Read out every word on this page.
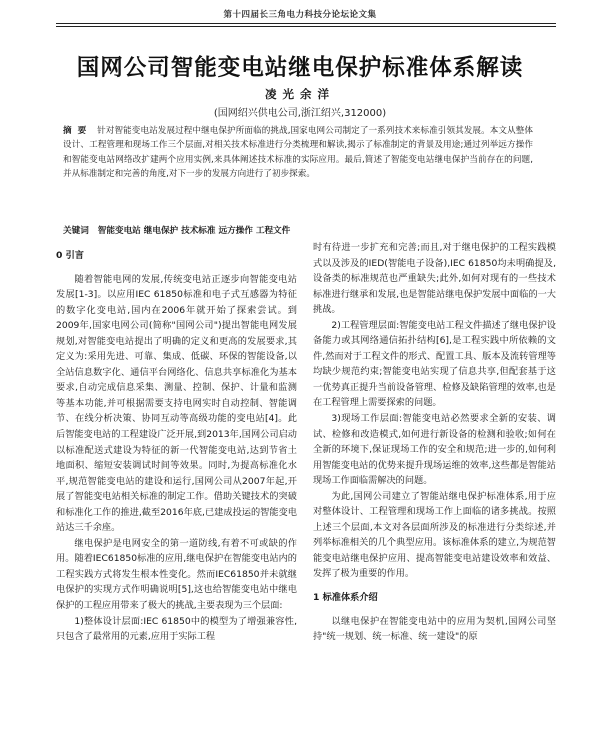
第十四届长三角电力科技分论坛论文集
国网公司智能变电站继电保护标准体系解读
凌光余洋
(国网绍兴供电公司,浙江绍兴,312000)
摘要 针对智能变电站发展过程中继电保护所面临的挑战,国家电网公司制定了一系列技术来标准引领其发展。本文从整体设计、工程管理和现场工作三个层面,对相关技术标准进行分类梳理和解读,揭示了标准制定的背景及用途;通过列举远方操作和智能变电站网络改扩建两个应用实例,来具体阐述技术标准的实际应用。最后,简述了智能变电站继电保护当前存在的问题,并从标准制定和完善的角度,对下一步的发展方向进行了初步探索。
关键词 智能变电站 继电保护 技术标准 远方操作 工程文件
0 引言

随着智能电网的发展,传统变电站正逐步向智能变电站发展[1-3]。以应用IEC 61850标准和电子式互感器为特征的数字化变电站,国内在2006年就开始了探索尝试。到2009年,国家电网公司(简称"国网公司")提出智能电网发展规划,对智能变电站提出了明确的定义和更高的发展要求,其定义为:采用先进、可靠、集成、低碳、环保的智能设备,以全站信息数字化、通信平台网络化、信息共享标准化为基本要求,自动完成信息采集、测量、控制、保护、计量和监测等基本功能,并可根据需要支持电网实时自动控制、智能调节、在线分析决策、协同互动等高级功能的变电站[4]。此后智能变电站的工程建设广泛开展,到2013年,国网公司启动以标准配送式建设为特征的新一代智能变电站,达到节省土地面积、缩短安装调试时间等效果。同时,为提高标准化水平,规范智能变电站的建设和运行,国网公司从2007年起,开展了智能变电站相关标准的制定工作。借助关键技术的突破和标准化工作的推进,截至2016年底,已建成投运的智能变电站达三千余座。

继电保护是电网安全的第一道防线,有着不可或缺的作用。随着IEC61850标准的应用,继电保护在智能变电站内的工程实践方式将发生根本性变化。然而IEC61850并未就继电保护的实现方式作明确说明[5],这也给智能变电站中继电保护的工程应用带来了极大的挑战,主要表现为三个层面:

1)整体设计层面:IEC 61850中的模型为了增强兼容性,只包含了最常用的元素,应用于实际工程

时有待进一步扩充和完善;而且,对于继电保护的工程实践模式以及涉及的IED(智能电子设备),IEC 61850均未明确提及,设备类的标准规范也严重缺失;此外,如何对现有的一些技术标准进行继承和发展,也是智能站继电保护发展中面临的一大挑战。

2)工程管理层面:智能变电站工程文件描述了继电保护设备能力或其网络通信拓扑结构[6],是工程实践中所依赖的文件,然而对于工程文件的形式、配置工具、版本及流转管理等均缺少规范约束;智能变电站实现了信息共享,但配套基于这一优势真正提升当前设备管理、检修及缺陷管理的效率,也是在工程管理上需要探索的问题。

3)现场工作层面:智能变电站必然要求全新的安装、调试、检修和改造模式,如何进行新设备的检测和验收;如何在全新的环境下,保证现场工作的安全和规范;进一步的,如何利用智能变电站的优势来提升现场运维的效率,这些都是智能站现场工作面临需解决的问题。

为此,国网公司建立了智能站继电保护标准体系,用于应对整体设计、工程管理和现场工作上面临的诸多挑战。按照上述三个层面,本文对各层面所涉及的标准进行分类综述,并列举标准相关的几个典型应用。该标准体系的建立,为规范智能变电站继电保护应用、提高智能变电站建设效率和效益、发挥了极为重要的作用。

1 标准体系介绍

以继电保护在智能变电站中的应用为契机,国网公司坚持"统一规划、统一标准、统一建设"的原
